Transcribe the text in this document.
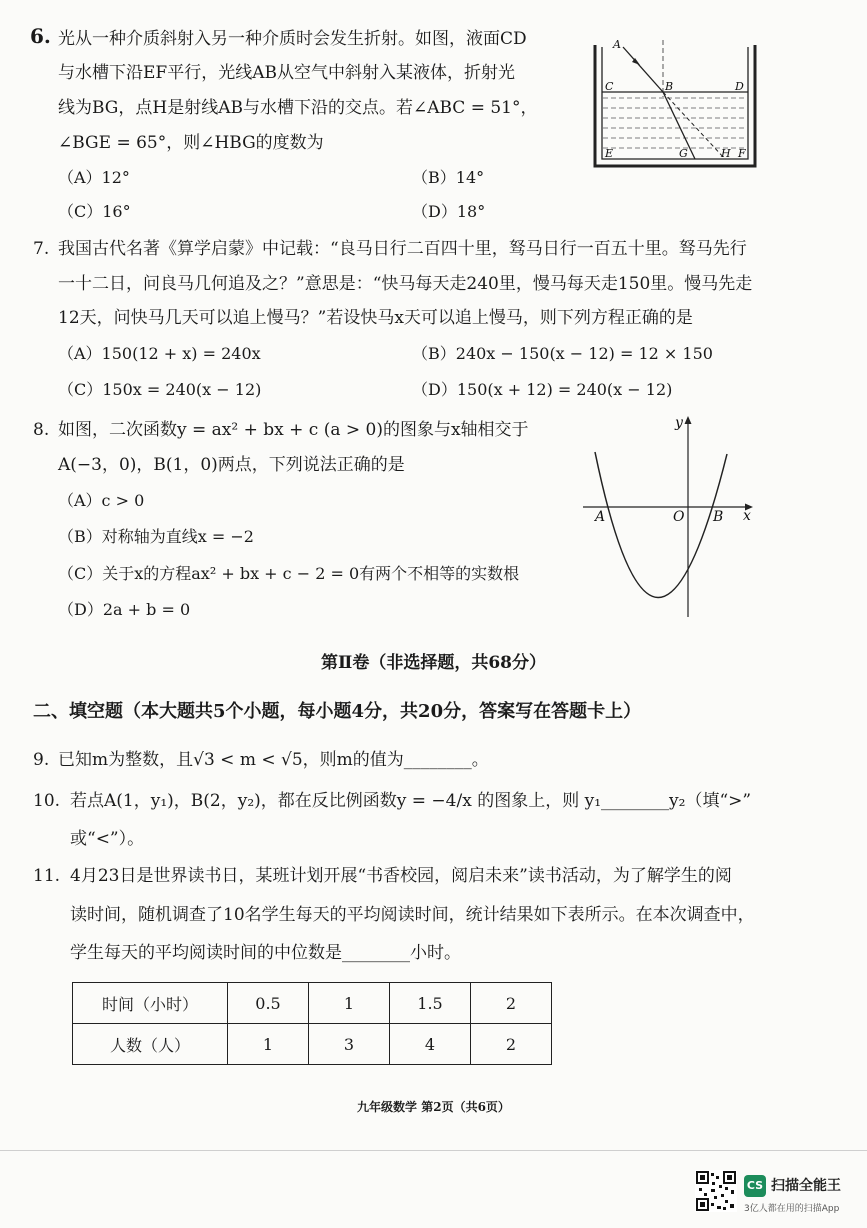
6. 光从一种介质斜射入另一种介质时会发生折射。如图，液面CD
与水槽下沿EF平行，光线AB从空气中斜射入某液体，折射光
线为BG，点H是射线AB与水槽下沿的交点。若∠ABC = 51°，
∠BGE = 65°，则∠HBG的度数为
（A）12°	（B）14°
（C）16°	（D）18°
A
B
C	D
E	F
G	H
7. 我国古代名著《算学启蒙》中记载：“良马日行二百四十里，驽马日行一百五十里。驽马先行
一十二日，问良马几何追及之？”意思是：“快马每天走240里，慢马每天走150里。慢马先走
12天，问快马几天可以追上慢马？”若设快马x天可以追上慢马，则下列方程正确的是
（A）150(12 + x) = 240x	（B）240x − 150(x − 12) = 12 × 150
（C）150x = 240(x − 12)	（D）150(x + 12) = 240(x − 12)
8. 如图，二次函数y = ax² + bx + c (a > 0)的图象与x轴相交于
A(−3，0)，B(1，0)两点，下列说法正确的是
（A）c > 0
（B）对称轴为直线x = −2
（C）关于x的方程ax² + bx + c − 2 = 0有两个不相等的实数根
（D）2a + b = 0
y
x
A	O B
第Ⅱ卷（非选择题，共68分）
二、填空题（本大题共5个小题，每小题4分，共20分，答案写在答题卡上）
9. 已知m为整数，且√3 < m < √5，则m的值为________。
10. 若点A(1，y₁)，B(2，y₂)，都在反比例函数y = −4/x 的图象上，则 y₁________y₂（填“>”
或“<”）。
11. 4月23日是世界读书日，某班计划开展“书香校园，阅启未来”读书活动，为了解学生的阅
读时间，随机调查了10名学生每天的平均阅读时间，统计结果如下表所示。在本次调查中，
学生每天的平均阅读时间的中位数是________小时。
时间（小时）	0.5	1	1.5	2
人数（人）	1	3	4	2
九年级数学 第2页（共6页）
CS 扫描全能王
3亿人都在用的扫描App
